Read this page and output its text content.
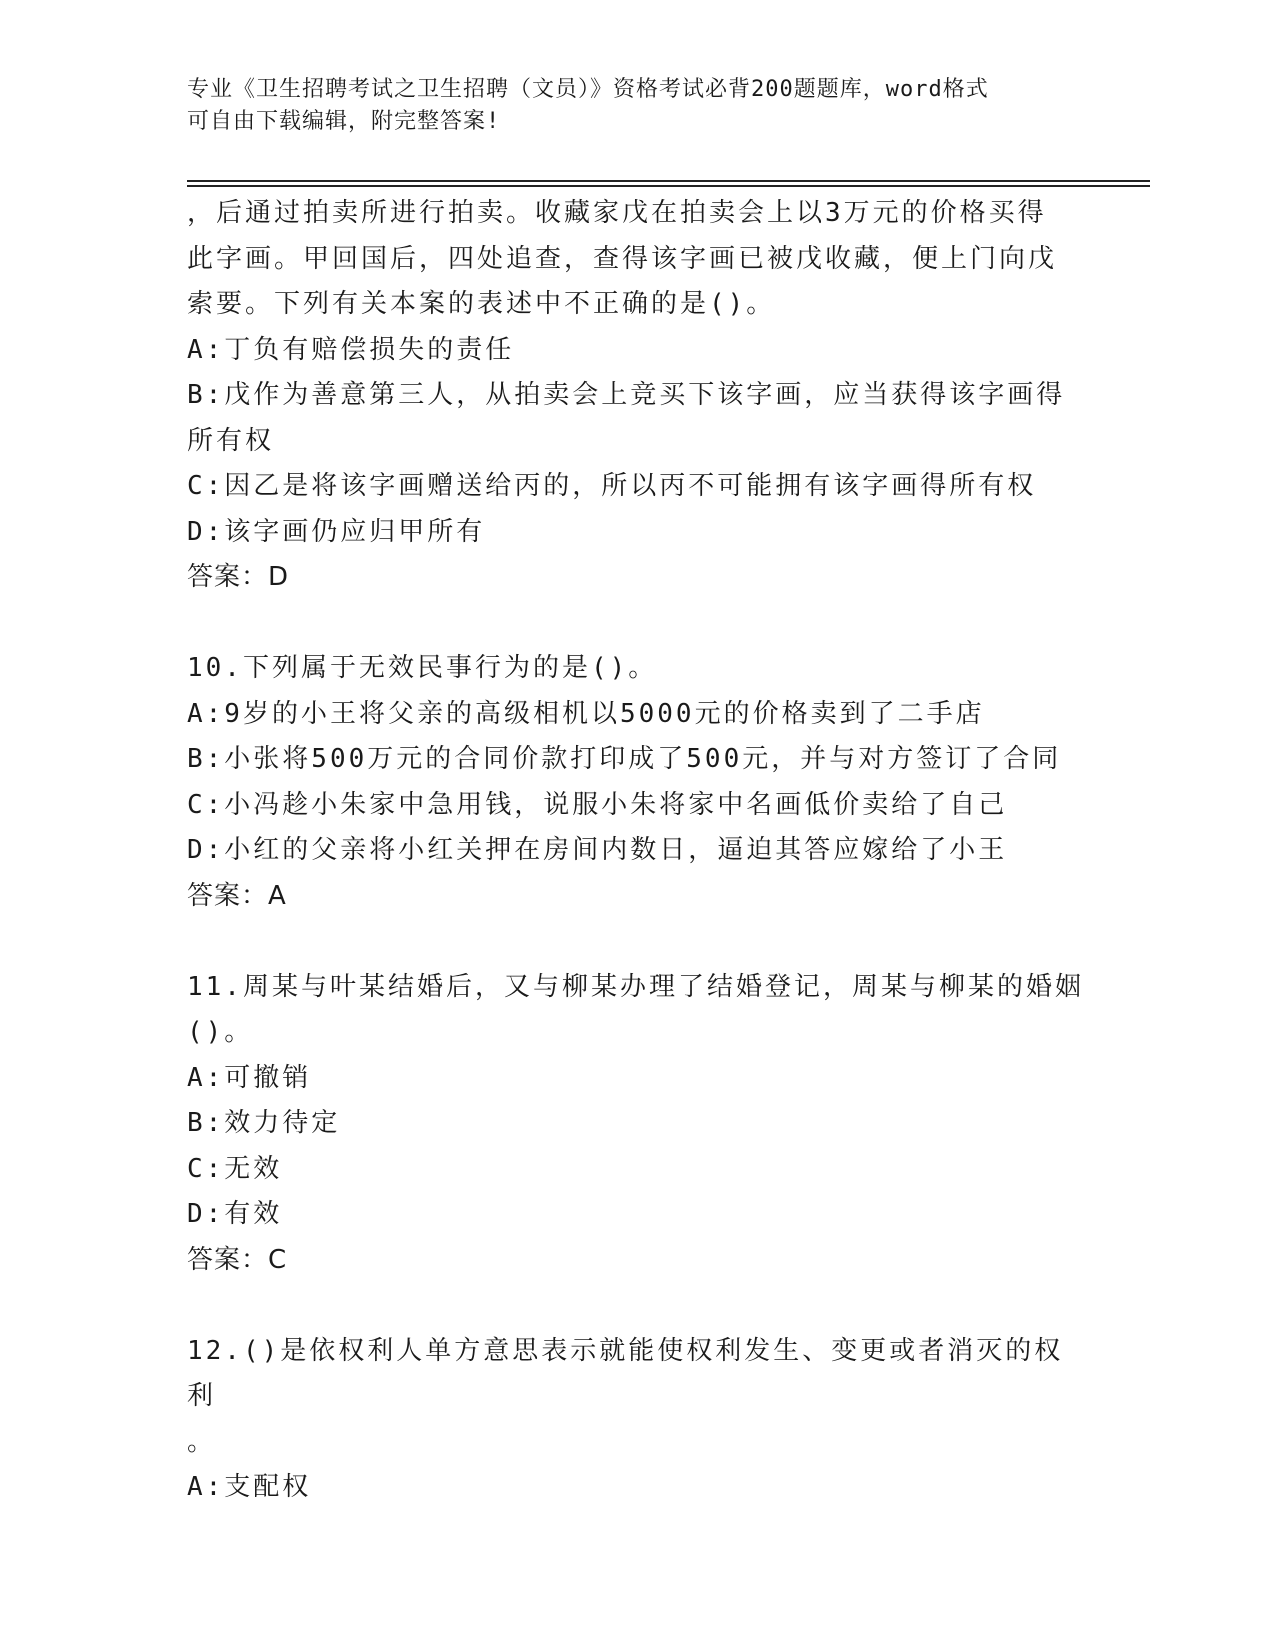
专业《卫生招聘考试之卫生招聘（文员）》资格考试必背200题题库，word格式
可自由下载编辑，附完整答案!

，后通过拍卖所进行拍卖。收藏家戊在拍卖会上以3万元的价格买得

此字画。甲回国后，四处追查，查得该字画已被戊收藏，便上门向戊

索要。下列有关本案的表述中不正确的是()。

A:丁负有赔偿损失的责任

B:戊作为善意第三人，从拍卖会上竞买下该字画，应当获得该字画得

所有权

C:因乙是将该字画赠送给丙的，所以丙不可能拥有该字画得所有权

D:该字画仍应归甲所有

答案：D

10.下列属于无效民事行为的是()。

A:9岁的小王将父亲的高级相机以5000元的价格卖到了二手店

B:小张将500万元的合同价款打印成了500元，并与对方签订了合同

C:小冯趁小朱家中急用钱，说服小朱将家中名画低价卖给了自己

D:小红的父亲将小红关押在房间内数日，逼迫其答应嫁给了小王

答案：A

11.周某与叶某结婚后，又与柳某办理了结婚登记，周某与柳某的婚姻

()。

A:可撤销

B:效力待定

C:无效

D:有效

答案：C

12.()是依权利人单方意思表示就能使权利发生、变更或者消灭的权利

。

A:支配权
